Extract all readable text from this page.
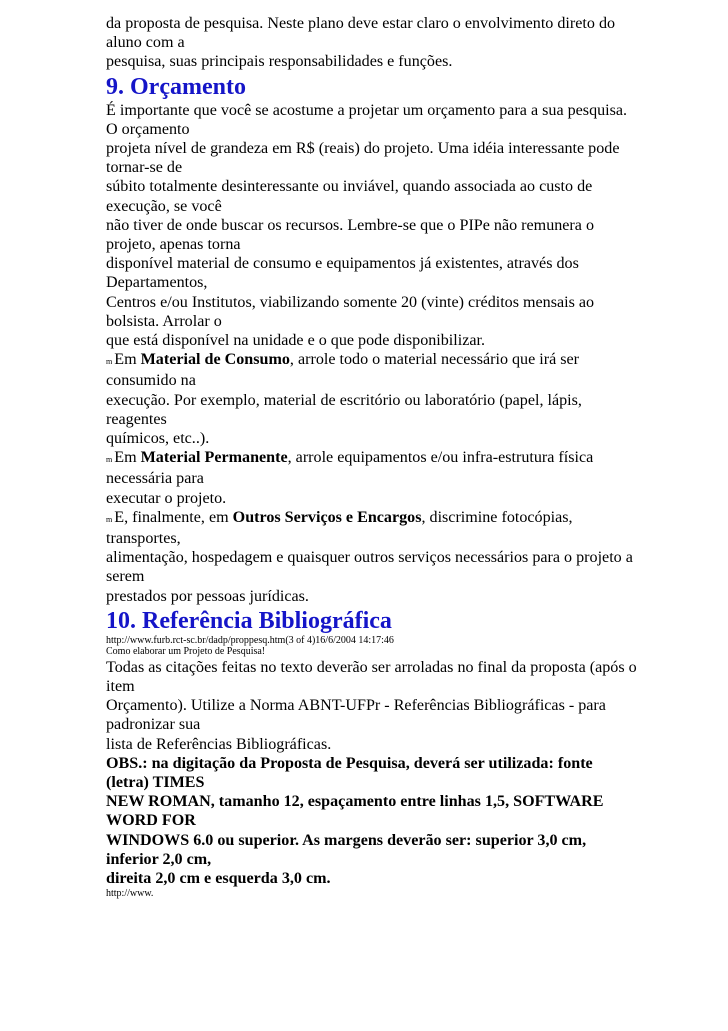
da proposta de pesquisa. Neste plano deve estar claro o envolvimento direto do
aluno com a
pesquisa, suas principais responsabilidades e funções.
9. Orçamento
É importante que você se acostume a projetar um orçamento para a sua pesquisa.
O orçamento
projeta nível de grandeza em R$ (reais) do projeto. Uma idéia interessante pode
tornar-se de
súbito totalmente desinteressante ou inviável, quando associada ao custo de
execução, se você
não tiver de onde buscar os recursos. Lembre-se que o PIPe não remunera o
projeto, apenas torna
disponível material de consumo e equipamentos já existentes, através dos
Departamentos,
Centros e/ou Institutos, viabilizando somente 20 (vinte) créditos mensais ao
bolsista. Arrolar o
que está disponível na unidade e o que pode disponibilizar.
m Em Material de Consumo, arrole todo o material necessário que irá ser
consumido na
execução. Por exemplo, material de escritório ou laboratório (papel, lápis,
reagentes
químicos, etc..).
m Em Material Permanente, arrole equipamentos e/ou infra-estrutura física
necessária para
executar o projeto.
m E, finalmente, em Outros Serviços e Encargos, discrimine fotocópias,
transportes,
alimentação, hospedagem e quaisquer outros serviços necessários para o projeto a
serem
prestados por pessoas jurídicas.
10. Referência Bibliográfica
http://www.furb.rct-sc.br/dadp/proppesq.htm(3 of 4)16/6/2004 14:17:46
Como elaborar um Projeto de Pesquisa!
Todas as citações feitas no texto deverão ser arroladas no final da proposta (após o
item
Orçamento). Utilize a Norma ABNT-UFPr - Referências Bibliográficas - para
padronizar sua
lista de Referências Bibliográficas.
OBS.: na digitação da Proposta de Pesquisa, deverá ser utilizada: fonte
(letra) TIMES
NEW ROMAN, tamanho 12, espaçamento entre linhas 1,5, SOFTWARE
WORD FOR
WINDOWS 6.0 ou superior. As margens deverão ser: superior 3,0 cm,
inferior 2,0 cm,
direita 2,0 cm e esquerda 3,0 cm.
http://www.
